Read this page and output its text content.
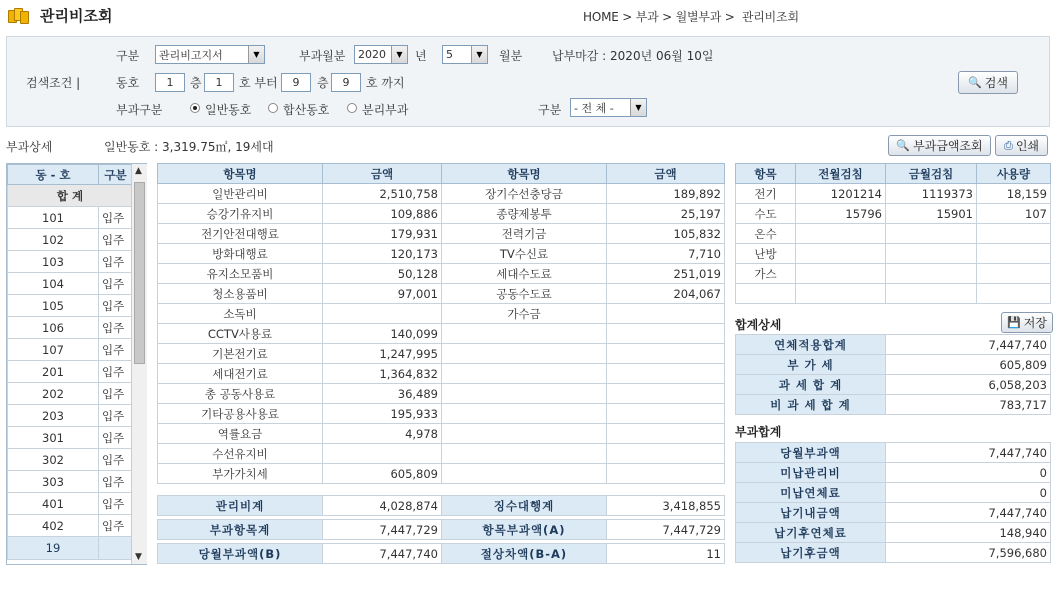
관리비조회	HOME > 부과 > 월별부과 >  관리비조회
검색조건 |
구분 관리비고지서	▼	부과월분 2020	▼	년 5	▼	월분 납부마감 : 2020년 06월 10일
동호	1	층	1	호 부터	9	층	9	호 까지
부과구분	일반동호	합산동호	분리부과	구분 - 전 체 -	▼
🔍 검색
부과상세	일반동호 : 3,319.75㎡, 19세대	🔍 부과금액조회 ⎙ 인쇄
동 - 호	구분
합 계	
101	입주
102	입주
103	입주
104	입주
105	입주
106	입주
107	입주
201	입주
202	입주
203	입주
301	입주
302	입주
303	입주
401	입주
402	입주
19	
▲
▼
항목명	금액	항목명	금액
일반관리비	2,510,758	장기수선충당금	189,892
승강기유지비	109,886	종량제봉투	25,197
전기안전대행료	179,931	전력기금	105,832
방화대행료	120,173	TV수신료	7,710
유지소모품비	50,128	세대수도료	251,019
청소용품비	97,001	공동수도료	204,067
소독비		가수금	
CCTV사용료	140,099		
기본전기료	1,247,995		
세대전기료	1,364,832		
총 공동사용료	36,489		
기타공용사용료	195,933		
역률요금	4,978		
수선유지비			
부가가치세	605,809		
관리비계	4,028,874	징수대행계	3,418,855

부과항목계	7,447,729	항목부과액(A)	7,447,729

당월부과액(B)	7,447,740	절상차액(B-A)	11
항목	전월검침	금월검침	사용량
전기	1201214	1119373	18,159
수도	15796	15901	107
온수			
난방			
가스			

합계상세	💾 저장
연체적용합계	7,447,740
부 가 세	605,809
과 세 합 계	6,058,203
비 과 세 합 계	783,717
부과합계
당월부과액	7,447,740
미납관리비	0
미납연체료	0
납기내금액	7,447,740
납기후연체료	148,940
납기후금액	7,596,680
